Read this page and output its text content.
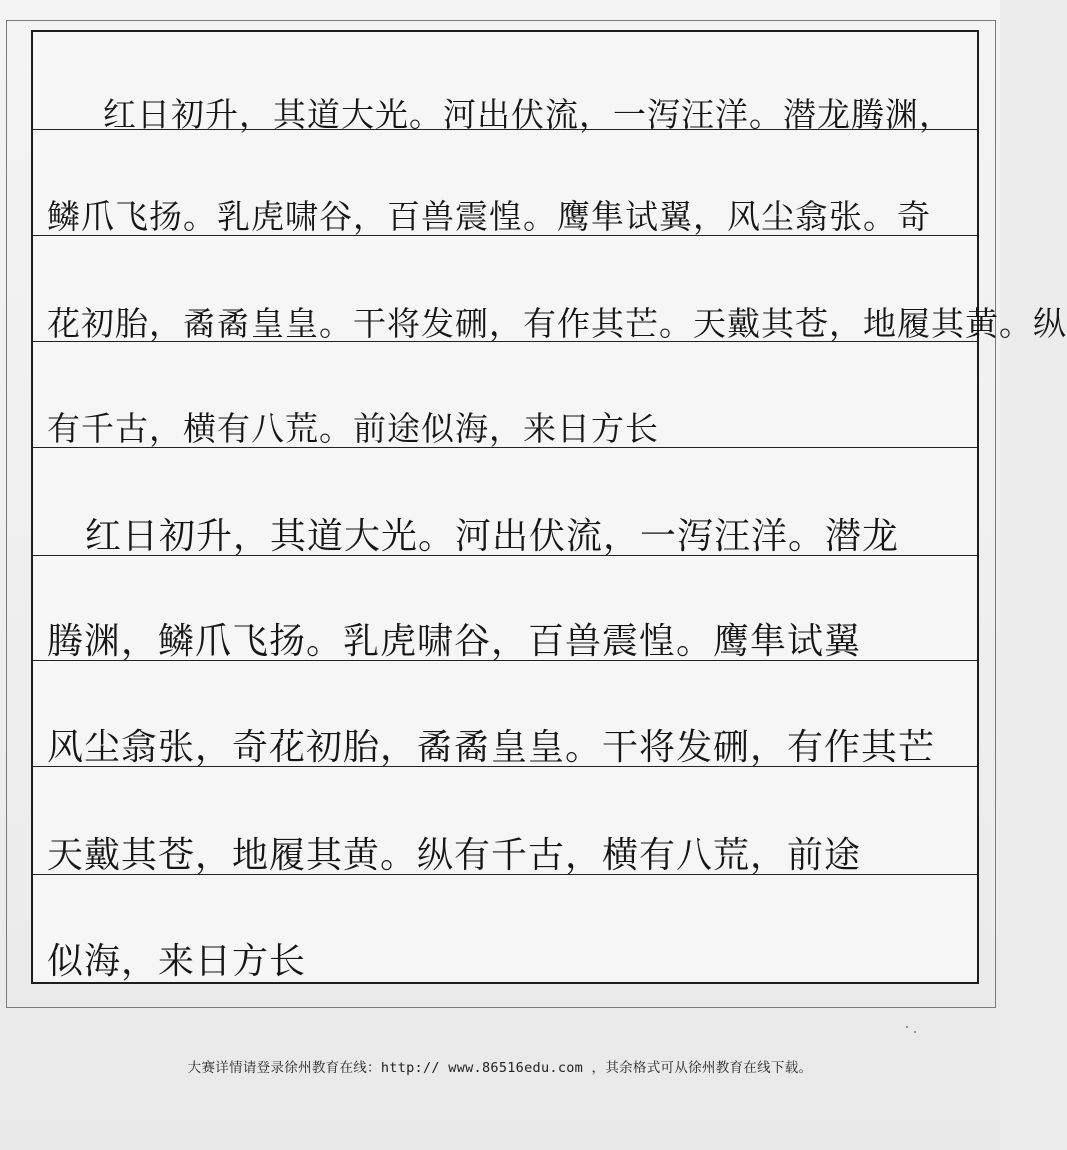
红日初升，其道大光。河出伏流，一泻汪洋。潜龙腾渊，
鳞爪飞扬。乳虎啸谷，百兽震惶。鹰隼试翼，风尘翕张。奇
花初胎，矞矞皇皇。干将发硎，有作其芒。天戴其苍，地履其黄。纵
有千古，横有八荒。前途似海，来日方长
红日初升，其道大光。河出伏流，一泻汪洋。潜龙
腾渊，鳞爪飞扬。乳虎啸谷，百兽震惶。鹰隼试翼
风尘翕张，奇花初胎，矞矞皇皇。干将发硎，有作其芒
天戴其苍，地履其黄。纵有千古，横有八荒，前途
似海，来日方长
大赛详情请登录徐州教育在线：http:// www.86516edu.com ，其余格式可从徐州教育在线下载。
